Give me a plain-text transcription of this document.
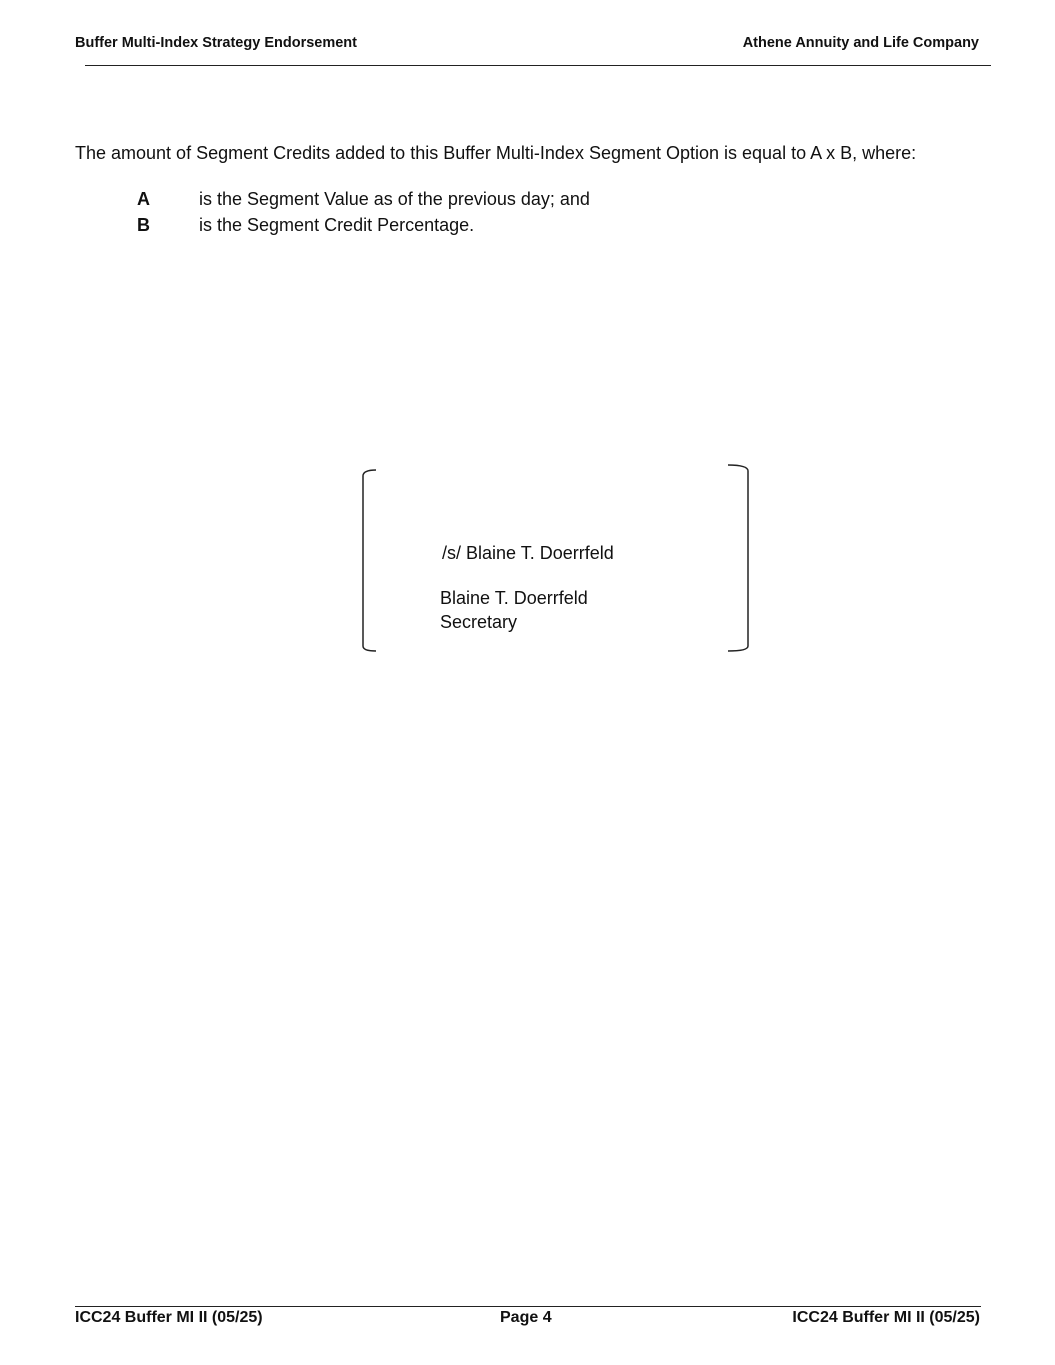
Buffer Multi-Index Strategy Endorsement	Athene Annuity and Life Company

The amount of Segment Credits added to this Buffer Multi-Index Segment Option is equal to A x B, where:

A	is the Segment Value as of the previous day; and
B	is the Segment Credit Percentage.
/s/ Blaine T. Doerrfeld
Blaine T. Doerrfeld
Secretary
ICC24 Buffer MI II (05/25)	Page 4	ICC24 Buffer MI II (05/25)
